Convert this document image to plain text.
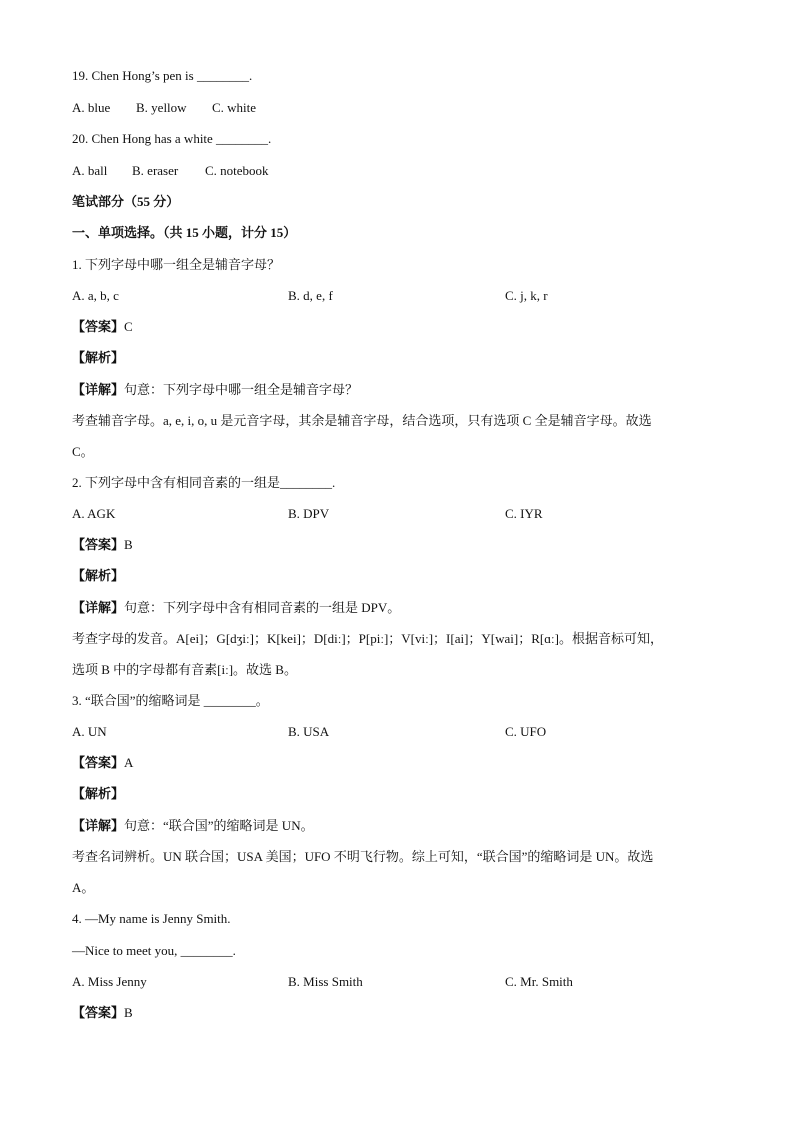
19. Chen Hong’s pen is ________.
A. blue B. yellow C. white
20. Chen Hong has a white ________.
A. ball B. eraser C. notebook
笔试部分（55 分）
一、单项选择。（共 15 小题，计分 15）
1. 下列字母中哪一组全是辅音字母？
A. a, b, c	B. d, e, f	C. j, k, r
【答案】C
【解析】
【详解】句意：下列字母中哪一组全是辅音字母？
考查辅音字母。a, e, i, o, u 是元音字母，其余是辅音字母，结合选项，只有选项 C 全是辅音字母。故选
C。
2. 下列字母中含有相同音素的一组是________.
A. AGK	B. DPV	C. IYR
【答案】B
【解析】
【详解】句意：下列字母中含有相同音素的一组是 DPV。
考查字母的发音。A[ei]；G[dʒiː]；K[kei]；D[diː]；P[piː]；V[viː]；I[ai]；Y[wai]；R[ɑː]。根据音标可知，
选项 B 中的字母都有音素[iː]。故选 B。
3. “联合国”的缩略词是 ________。
A. UN	B. USA	C. UFO
【答案】A
【解析】
【详解】句意：“联合国”的缩略词是 UN。
考查名词辨析。UN 联合国；USA 美国；UFO 不明飞行物。综上可知，“联合国”的缩略词是 UN。故选
A。
4. —My name is Jenny Smith.
—Nice to meet you, ________.
A. Miss Jenny	B. Miss Smith	C. Mr. Smith
【答案】B
